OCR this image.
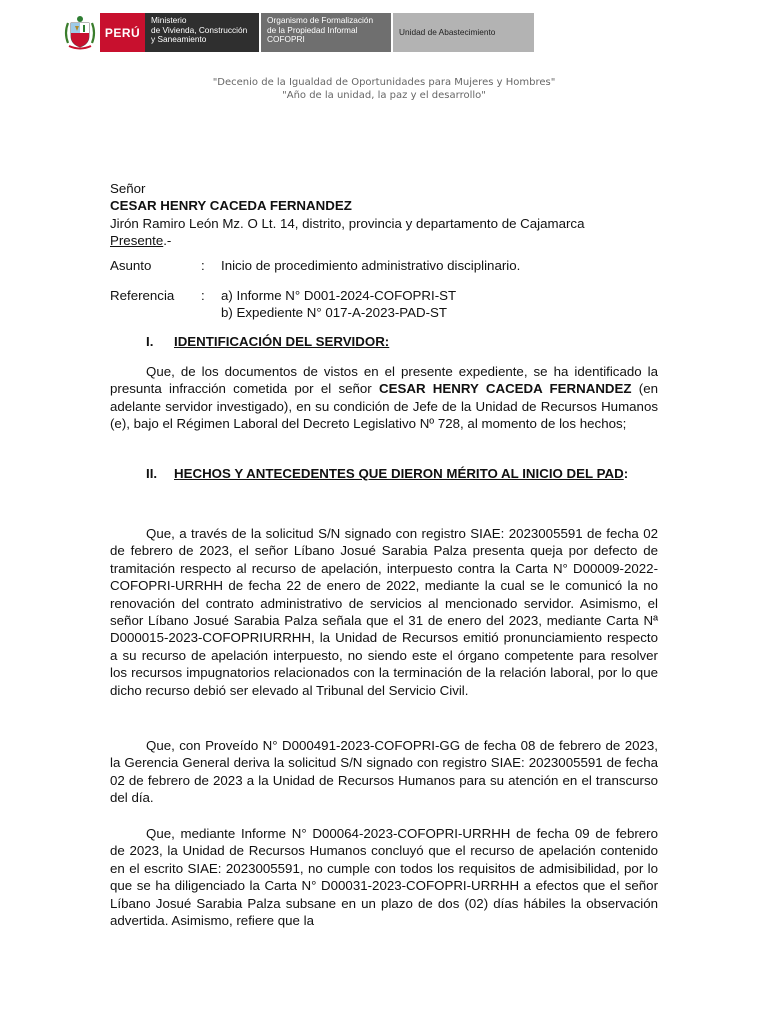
PERÚ
Ministerio
de Vivienda, Construcción
y Saneamiento
Organismo de Formalización
de la Propiedad Informal
COFOPRI
Unidad de Abastecimiento
"Decenio de la Igualdad de Oportunidades para Mujeres y Hombres"
"Año de la unidad, la paz y el desarrollo"
Señor
CESAR HENRY CACEDA FERNANDEZ
Jirón Ramiro León Mz. O Lt. 14, distrito, provincia y departamento de Cajamarca
Presente.-
Asunto	:	Inicio de procedimiento administrativo disciplinario.
Referencia	:	a) Informe N° D001-2024-COFOPRI-ST
b) Expediente N° 017-A-2023-PAD-ST
I. IDENTIFICACIÓN DEL SERVIDOR:
Que, de los documentos de vistos en el presente expediente, se ha identificado la presunta infracción cometida por el señor CESAR HENRY CACEDA FERNANDEZ (en adelante servidor investigado), en su condición de Jefe de la Unidad de Recursos Humanos (e), bajo el Régimen Laboral del Decreto Legislativo Nº 728, al momento de los hechos;
II. HECHOS Y ANTECEDENTES QUE DIERON MÉRITO AL INICIO DEL PAD:
Que, a través de la solicitud S/N signado con registro SIAE: 2023005591 de fecha 02 de febrero de 2023, el señor Líbano Josué Sarabia Palza presenta queja por defecto de tramitación respecto al recurso de apelación, interpuesto contra la Carta N° D00009-2022-COFOPRI-URRHH de fecha 22 de enero de 2022, mediante la cual se le comunicó la no renovación del contrato administrativo de servicios al mencionado servidor. Asimismo, el señor Líbano Josué Sarabia Palza señala que el 31 de enero del 2023, mediante Carta Nª D000015-2023-COFOPRIURRHH, la Unidad de Recursos emitió pronunciamiento respecto a su recurso de apelación interpuesto, no siendo este el órgano competente para resolver los recursos impugnatorios relacionados con la terminación de la relación laboral, por lo que dicho recurso debió ser elevado al Tribunal del Servicio Civil.
Que, con Proveído N° D000491-2023-COFOPRI-GG de fecha 08 de febrero de 2023, la Gerencia General deriva la solicitud S/N signado con registro SIAE: 2023005591 de fecha 02 de febrero de 2023 a la Unidad de Recursos Humanos para su atención en el transcurso del día.
Que, mediante Informe N° D00064-2023-COFOPRI-URRHH de fecha 09 de febrero de 2023, la Unidad de Recursos Humanos concluyó que el recurso de apelación contenido en el escrito SIAE: 2023005591, no cumple con todos los requisitos de admisibilidad, por lo que se ha diligenciado la Carta N° D00031-2023-COFOPRI-URRHH a efectos que el señor Líbano Josué Sarabia Palza subsane en un plazo de dos (02) días hábiles la observación advertida. Asimismo, refiere que la
